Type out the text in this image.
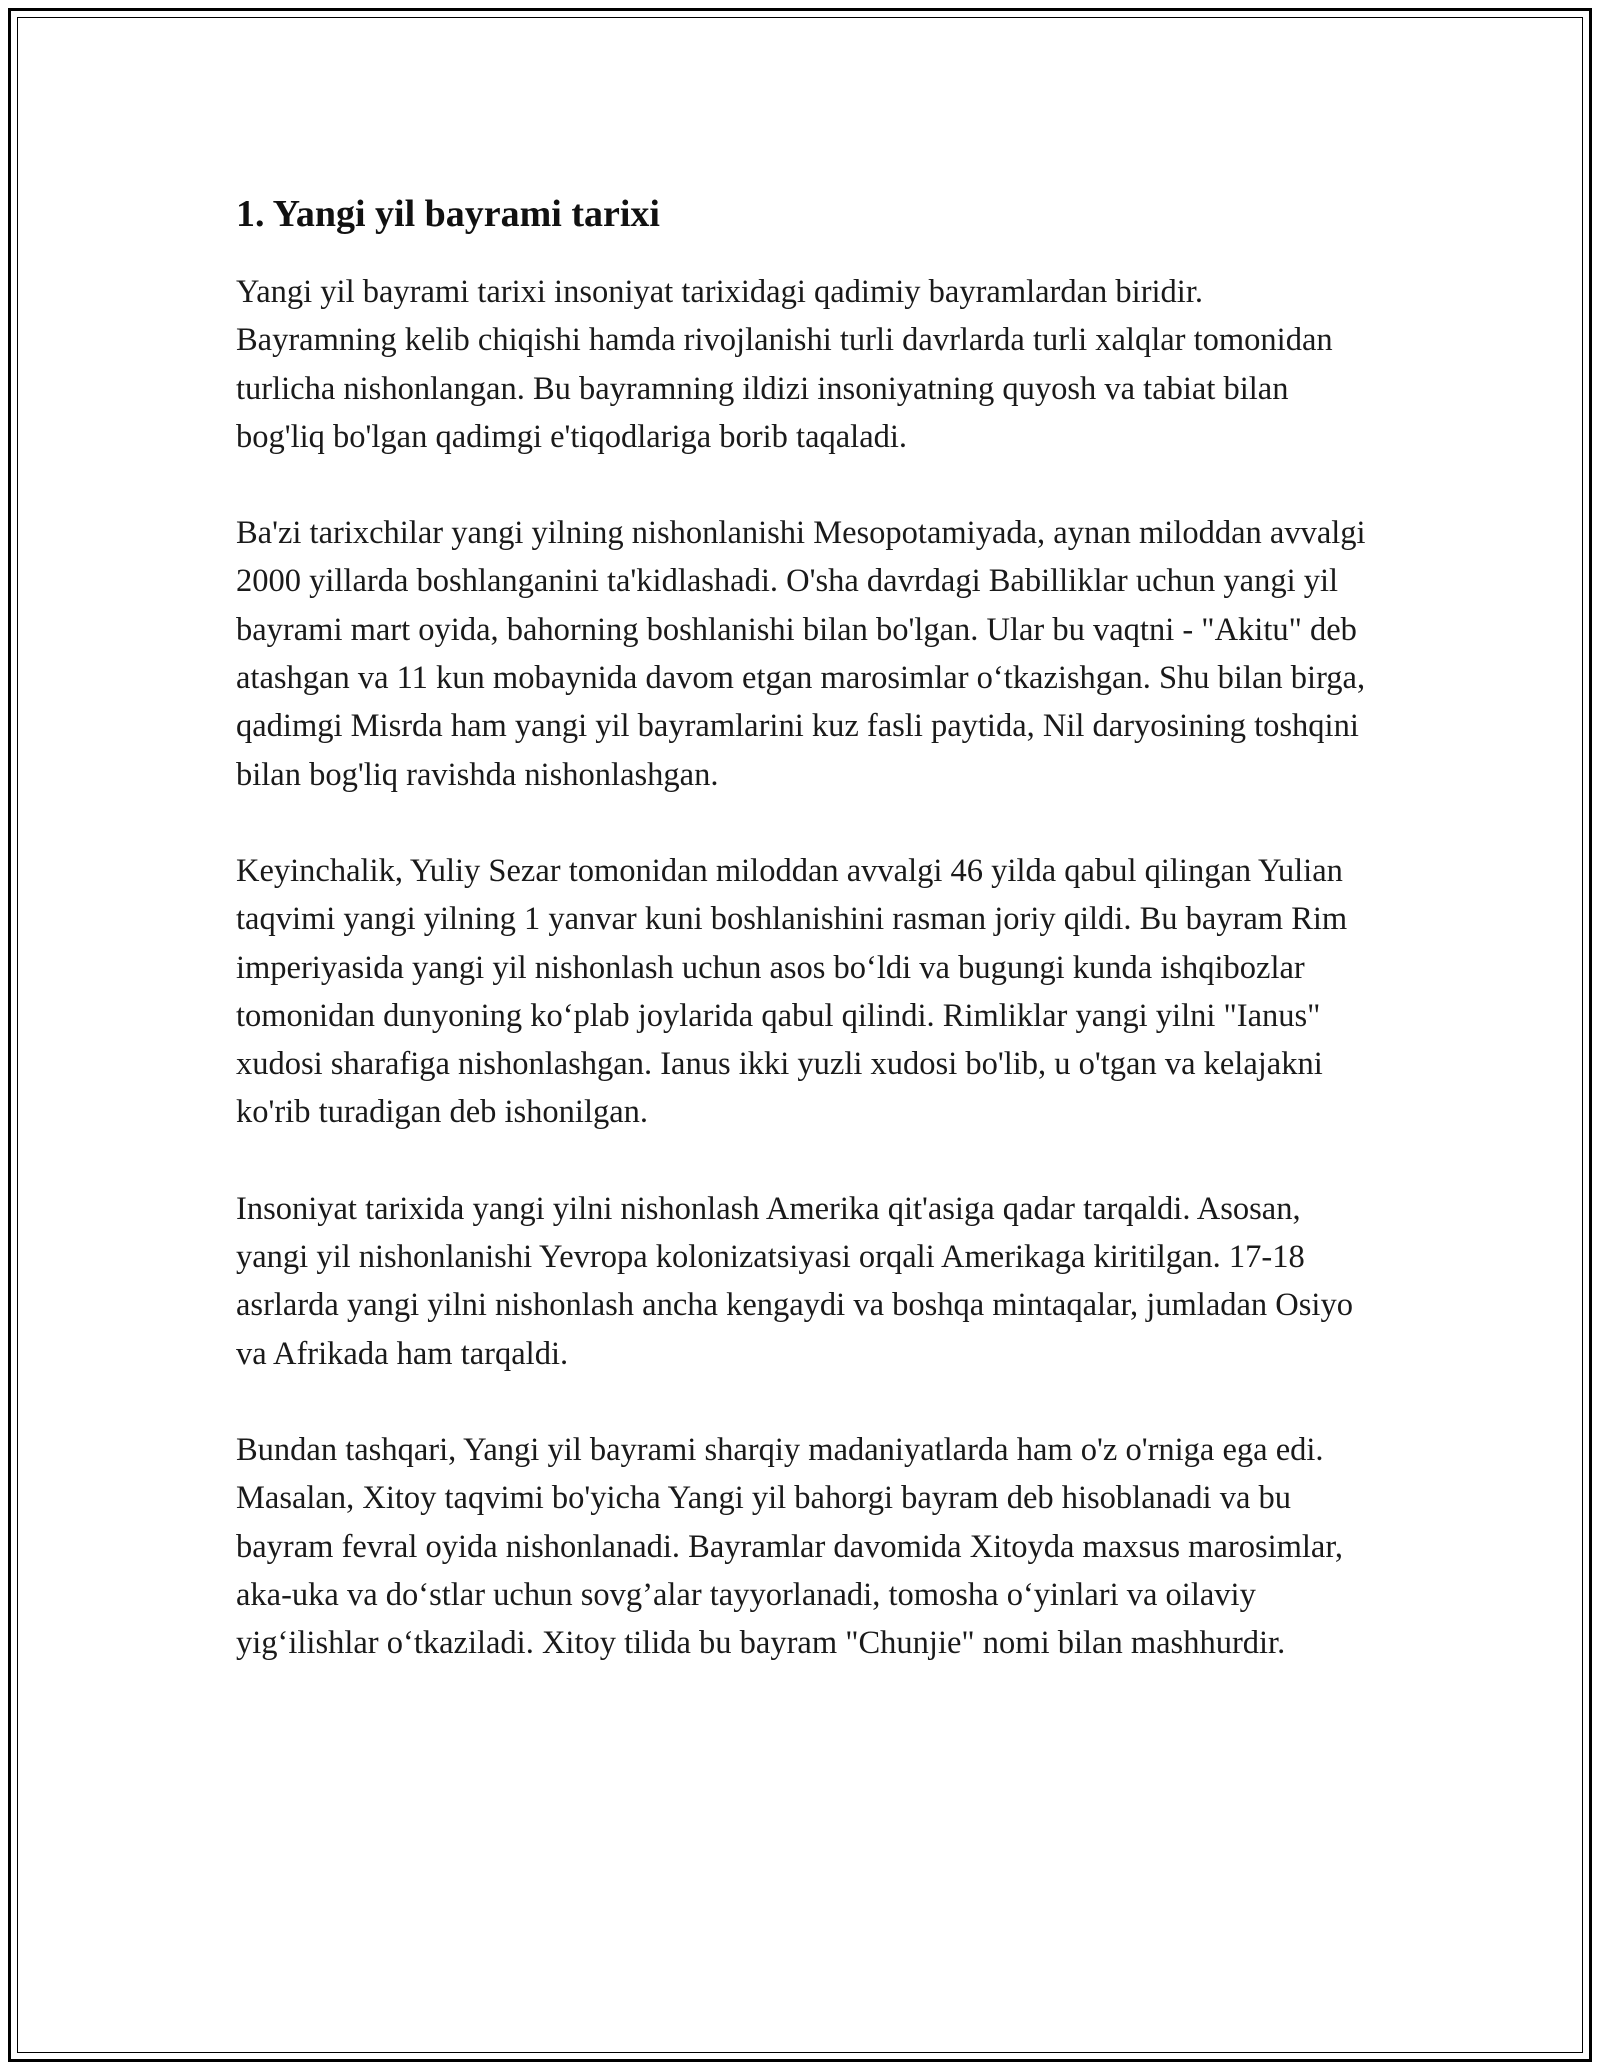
1. Yangi yil bayrami tarixi

Yangi yil bayrami tarixi insoniyat tarixidagi qadimiy bayramlardan biridir. Bayramning kelib chiqishi hamda rivojlanishi turli davrlarda turli xalqlar tomonidan turlicha nishonlangan. Bu bayramning ildizi insoniyatning quyosh va tabiat bilan bog'liq bo'lgan qadimgi e'tiqodlariga borib taqaladi.

Ba'zi tarixchilar yangi yilning nishonlanishi Mesopotamiyada, aynan miloddan avvalgi 2000 yillarda boshlanganini ta'kidlashadi. O'sha davrdagi Babilliklar uchun yangi yil bayrami mart oyida, bahorning boshlanishi bilan bo'lgan. Ular bu vaqtni - "Akitu" deb atashgan va 11 kun mobaynida davom etgan marosimlar o‘tkazishgan. Shu bilan birga, qadimgi Misrda ham yangi yil bayramlarini kuz fasli paytida, Nil daryosining toshqini bilan bog'liq ravishda nishonlashgan.

Keyinchalik, Yuliy Sezar tomonidan miloddan avvalgi 46 yilda qabul qilingan Yulian taqvimi yangi yilning 1 yanvar kuni boshlanishini rasman joriy qildi. Bu bayram Rim imperiyasida yangi yil nishonlash uchun asos bo‘ldi va bugungi kunda ishqibozlar tomonidan dunyoning ko‘plab joylarida qabul qilindi. Rimliklar yangi yilni "Ianus" xudosi sharafiga nishonlashgan. Ianus ikki yuzli xudosi bo'lib, u o'tgan va kelajakni ko'rib turadigan deb ishonilgan.

Insoniyat tarixida yangi yilni nishonlash Amerika qit'asiga qadar tarqaldi. Asosan, yangi yil nishonlanishi Yevropa kolonizatsiyasi orqali Amerikaga kiritilgan. 17-18 asrlarda yangi yilni nishonlash ancha kengaydi va boshqa mintaqalar, jumladan Osiyo va Afrikada ham tarqaldi.

Bundan tashqari, Yangi yil bayrami sharqiy madaniyatlarda ham o'z o'rniga ega edi. Masalan, Xitoy taqvimi bo'yicha Yangi yil bahorgi bayram deb hisoblanadi va bu bayram fevral oyida nishonlanadi. Bayramlar davomida Xitoyda maxsus marosimlar, aka-uka va do‘stlar uchun sovg’alar tayyorlanadi, tomosha o‘yinlari va oilaviy yig‘ilishlar o‘tkaziladi. Xitoy tilida bu bayram "Chunjie" nomi bilan mashhurdir.
